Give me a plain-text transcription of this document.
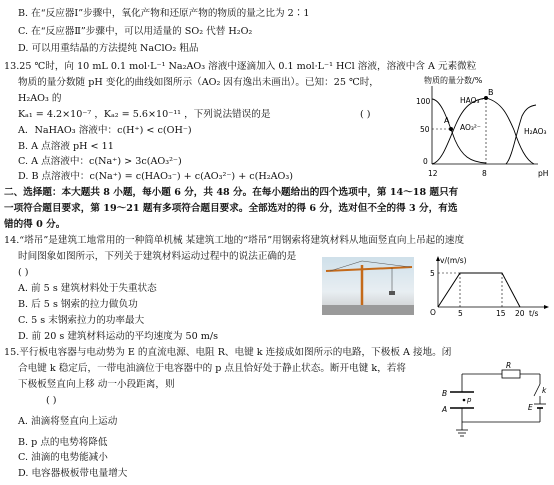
B. 在“反应器Ⅰ”步骤中，氧化产物和还原产物的物质的量之比为 2∶1
C. 在“反应器Ⅱ”步骤中，可以用适量的 SO₂ 代替 H₂O₂
D. 可以用重结晶的方法提纯 NaClO₂ 粗品
13.25 ℃时，向 10 mL 0.1 mol·L⁻¹ Na₂AO₃ 溶液中逐滴加入 0.1 mol·L⁻¹ HCl 溶液，溶液中含 A 元素微粒
物质的量分数随 pH 变化的曲线如图所示（AO₂ 因有逸出未画出）。已知：25 ℃时，
H₂AO₃ 的
Kₐ₁ = 4.2×10⁻⁷ ，Kₐ₂ = 5.6×10⁻¹¹ ，下列说法错误的是	( )
A．NaHAO₃ 溶液中：c(H⁺) < c(OH⁻)
B. A 点溶液 pH < 11
C. A 点溶液中：c(Na⁺) > 3c(AO₃²⁻)
D. B 点溶液中：c(Na⁺) = c(HAO₃⁻) + c(AO₃²⁻) + c(H₂AO₃)
物质的量分数/%
100
50
0
12	8	pH
A
B
HAO₃⁻
AO₃²⁻	H₂AO₃
二、选择题：本大题共 8 小题，每小题 6 分，共 48 分。在每小题给出的四个选项中，第 14～18 题只有
一项符合题目要求，第 19～21 题有多项符合题目要求。全部选对的得 6 分，选对但不全的得 3 分，有选
错的得 0 分。
14.“塔吊”是建筑工地常用的一种简单机械 某建筑工地的“塔吊”用钢索将建筑材料从地面竖直向上吊起的速度
时间图象如图所示，下列关于建筑材料运动过程中的说法正确的是
( )
A. 前 5 s 建筑材料处于失重状态
B. 后 5 s 钢索的拉力做负功
C. 5 s 末钢索拉力的功率最大
D. 前 20 s 建筑材料运动的平均速度为 50 m/s
v/(m/s)
5
O	5	15 20 t/s
15.平行板电容器与电动势为 E 的直流电源、电阻 R、电键 k 连接成如图所示的电路，下极板 A 接地。闭
合电键 k 稳定后，一带电油滴位于电容器中的 p 点且恰好处于静止状态。断开电键 k，若将
下极板竖直向上移 动一小段距离，则
( )
A. 油滴将竖直向上运动
B. p 点的电势将降低
C. 油滴的电势能减小
D. 电容器极板带电量增大
R
B
A
p
k
E
